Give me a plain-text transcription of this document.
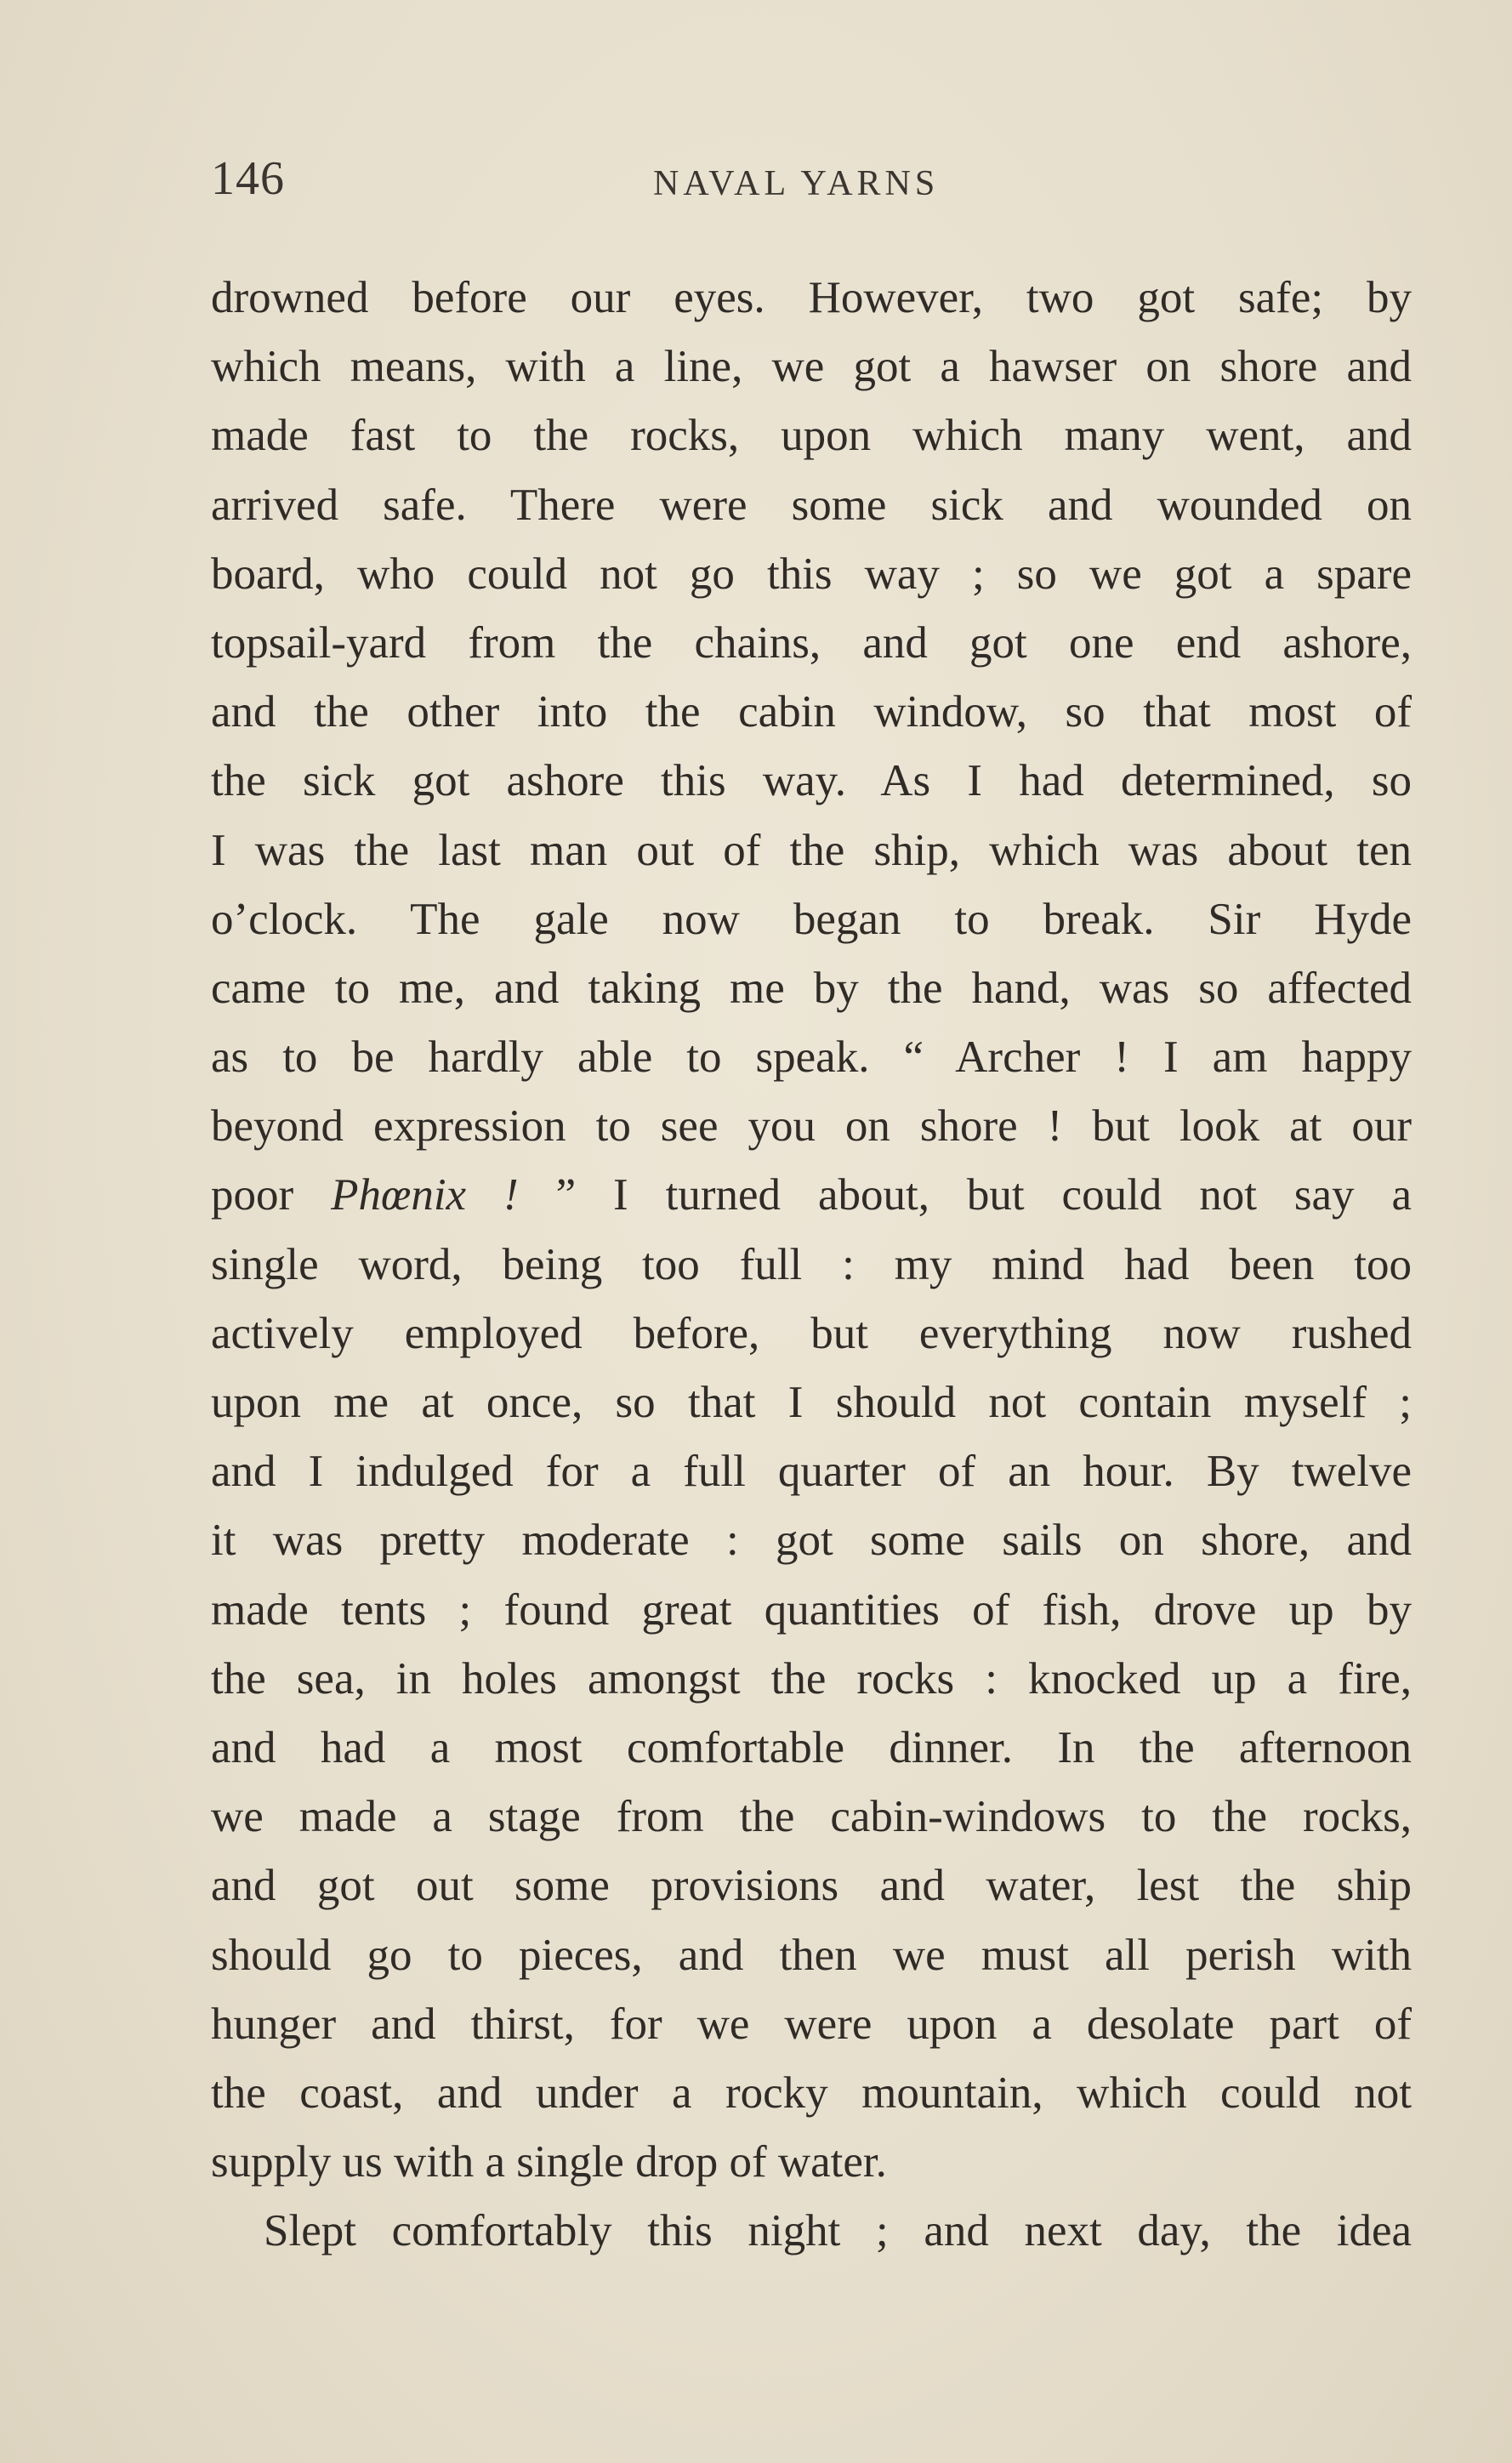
146	NAVAL YARNS
drowned before our eyes. However, two got safe; by
which means, with a line, we got a hawser on shore and
made fast to the rocks, upon which many went, and
arrived safe. There were some sick and wounded on
board, who could not go this way ; so we got a spare
topsail-yard from the chains, and got one end ashore,
and the other into the cabin window, so that most of
the sick got ashore this way. As I had determined, so
I was the last man out of the ship, which was about ten
o’clock. The gale now began to break. Sir Hyde
came to me, and taking me by the hand, was so affected
as to be hardly able to speak. “ Archer ! I am happy
beyond expression to see you on shore ! but look at our
poor Phœnix ! ” I turned about, but could not say a
single word, being too full : my mind had been too
actively employed before, but everything now rushed
upon me at once, so that I should not contain myself ;
and I indulged for a full quarter of an hour. By twelve
it was pretty moderate : got some sails on shore, and
made tents ; found great quantities of fish, drove up by
the sea, in holes amongst the rocks : knocked up a fire,
and had a most comfortable dinner. In the afternoon
we made a stage from the cabin-windows to the rocks,
and got out some provisions and water, lest the ship
should go to pieces, and then we must all perish with
hunger and thirst, for we were upon a desolate part of
the coast, and under a rocky mountain, which could not
supply us with a single drop of water.
Slept comfortably this night ; and next day, the idea
